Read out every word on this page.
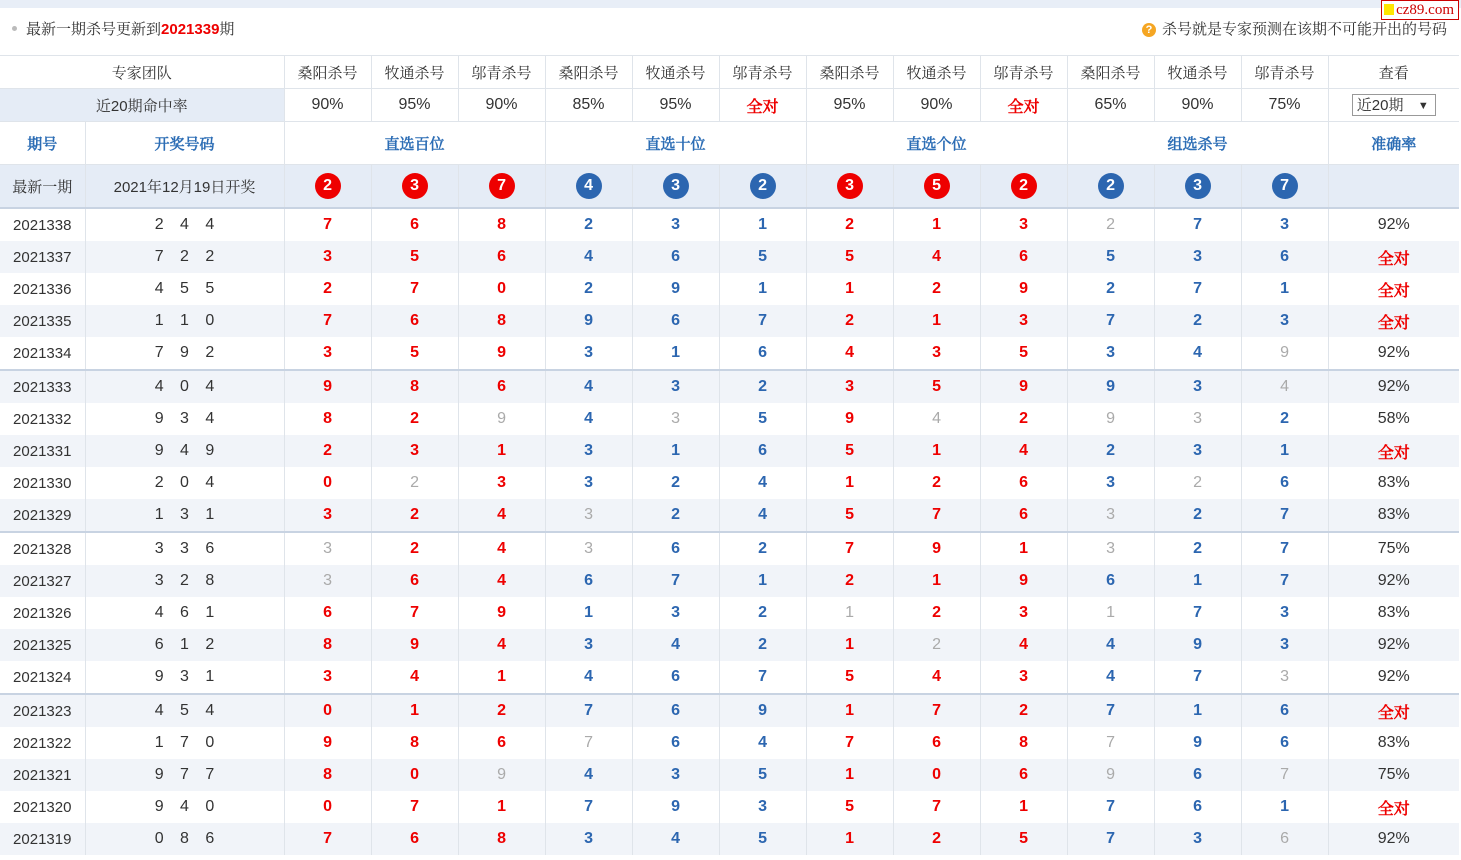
cz89.com
最新一期杀号更新到2021339期	? 杀号就是专家预测在该期不可能开出的号码
专家团队		桑阳杀号	牧通杀号	邬青杀号	桑阳杀号	牧通杀号	邬青杀号	桑阳杀号	牧通杀号	邬青杀号	桑阳杀号	牧通杀号	邬青杀号	查看
近20期命中率		90%	95%	90%	85%	95%	全对	95%	90%	全对	65%	90%	75%	近20期 ▼

期号	开奖号码	直选百位			直选十位			直选个位			组选杀号			准确率
最新一期	2021年12月19日开奖	2	3	7	4	3	2	3	5	2	2	3	7	
2021338	2 4 4	7	6	8	2	3	1	2	1	3	2	7	3	92%
2021337	7 2 2	3	5	6	4	6	5	5	4	6	5	3	6	全对
2021336	4 5 5	2	7	0	2	9	1	1	2	9	2	7	1	全对
2021335	1 1 0	7	6	8	9	6	7	2	1	3	7	2	3	全对
2021334	7 9 2	3	5	9	3	1	6	4	3	5	3	4	9	92%
2021333	4 0 4	9	8	6	4	3	2	3	5	9	9	3	4	92%
2021332	9 3 4	8	2	9	4	3	5	9	4	2	9	3	2	58%
2021331	9 4 9	2	3	1	3	1	6	5	1	4	2	3	1	全对
2021330	2 0 4	0	2	3	3	2	4	1	2	6	3	2	6	83%
2021329	1 3 1	3	2	4	3	2	4	5	7	6	3	2	7	83%
2021328	3 3 6	3	2	4	3	6	2	7	9	1	3	2	7	75%
2021327	3 2 8	3	6	4	6	7	1	2	1	9	6	1	7	92%
2021326	4 6 1	6	7	9	1	3	2	1	2	3	1	7	3	83%
2021325	6 1 2	8	9	4	3	4	2	1	2	4	4	9	3	92%
2021324	9 3 1	3	4	1	4	6	7	5	4	3	4	7	3	92%
2021323	4 5 4	0	1	2	7	6	9	1	7	2	7	1	6	全对
2021322	1 7 0	9	8	6	7	6	4	7	6	8	7	9	6	83%
2021321	9 7 7	8	0	9	4	3	5	1	0	6	9	6	7	75%
2021320	9 4 0	0	7	1	7	9	3	5	7	1	7	6	1	全对
2021319	0 8 6	7	6	8	3	4	5	1	2	5	7	3	6	92%
